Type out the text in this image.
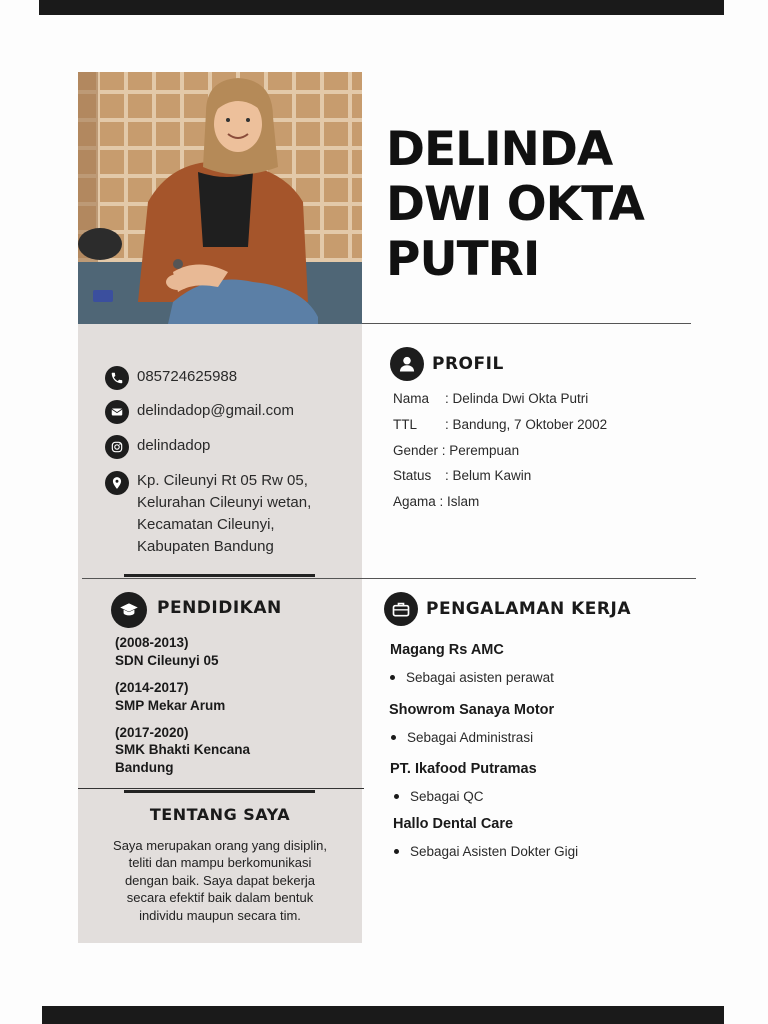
DELINDA
DWI OKTA
PUTRI
085724625988
delindadop@gmail.com
delindadop
Kp. Cileunyi Rt 05 Rw 05,
Kelurahan Cileunyi wetan,
Kecamatan Cileunyi,
Kabupaten Bandung
PROFIL
Nama : Delinda Dwi Okta Putri
TTL : Bandung, 7 Oktober 2002
Gender : Perempuan
Status : Belum Kawin
Agama : Islam
PENDIDIKAN
(2008-2013)
SDN Cileunyi 05
(2014-2017)
SMP Mekar Arum
(2017-2020)
SMK Bhakti Kencana
Bandung
TENTANG SAYA
Saya merupakan orang yang disiplin,
teliti dan mampu berkomunikasi
dengan baik. Saya dapat bekerja
secara efektif baik dalam bentuk
individu maupun secara tim.
PENGALAMAN KERJA
Magang Rs AMC
Sebagai asisten perawat
Showrom Sanaya Motor
Sebagai Administrasi
PT. Ikafood Putramas
Sebagai QC
Hallo Dental Care
Sebagai Asisten Dokter Gigi
